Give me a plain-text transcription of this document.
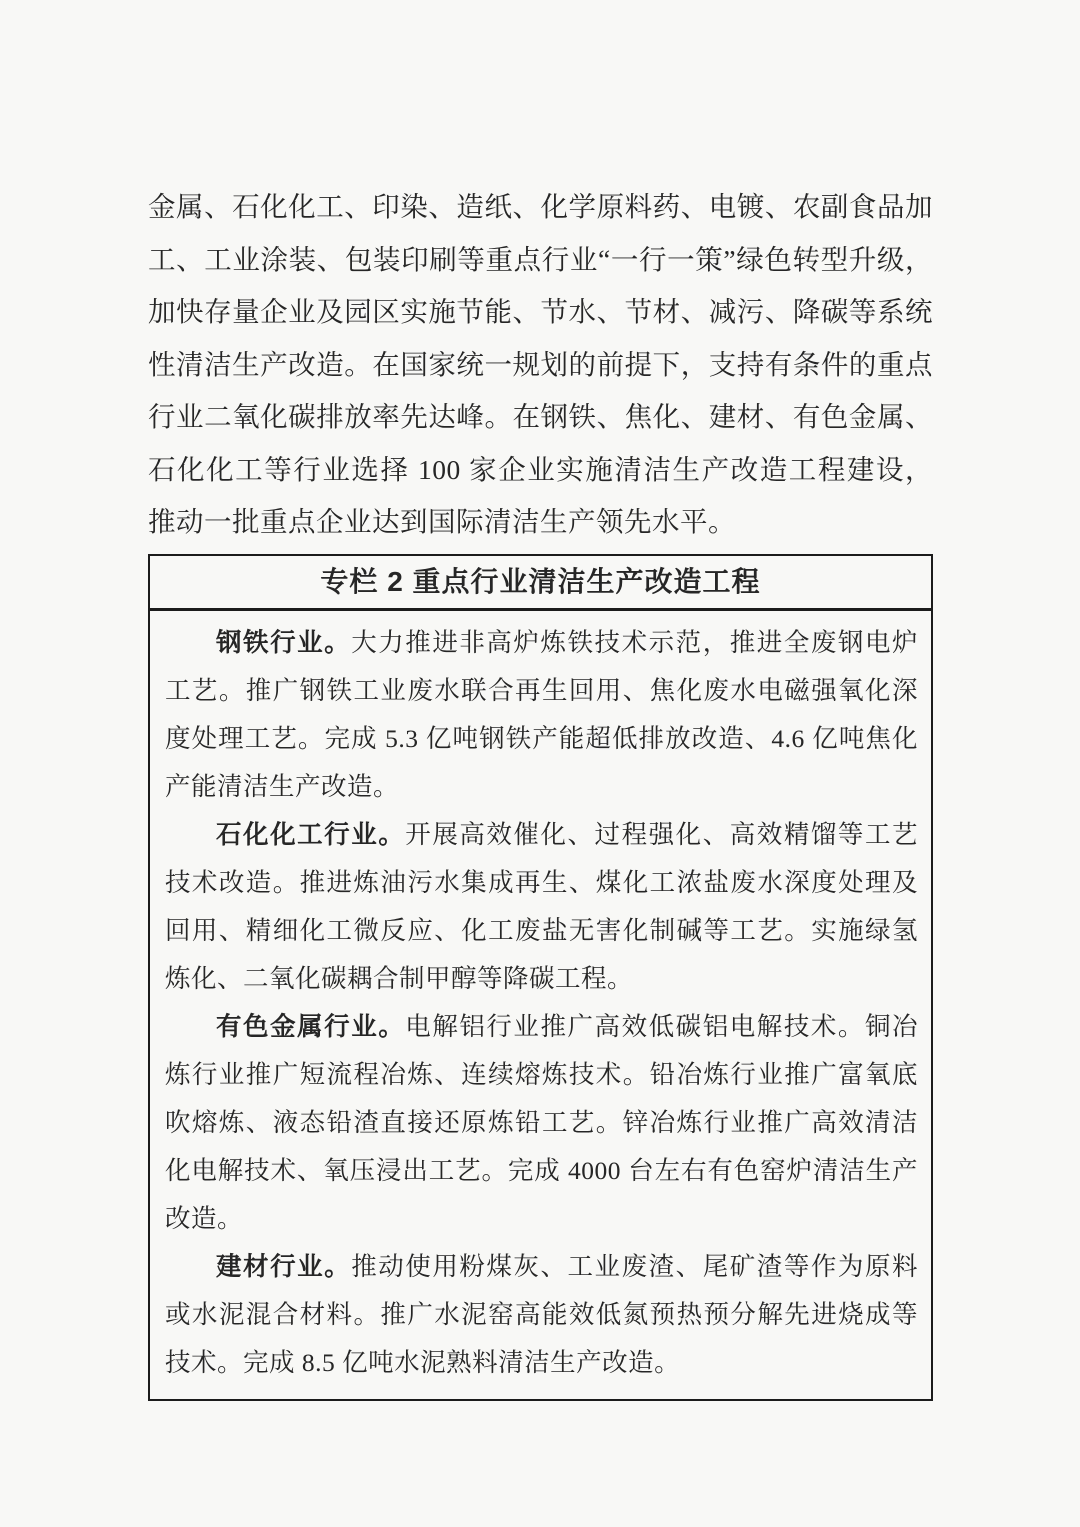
金属、石化化工、印染、造纸、化学原料药、电镀、农副食品加工、工业涂装、包装印刷等重点行业“一行一策”绿色转型升级，加快存量企业及园区实施节能、节水、节材、减污、降碳等系统性清洁生产改造。在国家统一规划的前提下，支持有条件的重点行业二氧化碳排放率先达峰。在钢铁、焦化、建材、有色金属、石化化工等行业选择 100 家企业实施清洁生产改造工程建设，推动一批重点企业达到国际清洁生产领先水平。
专栏 2 重点行业清洁生产改造工程

钢铁行业。大力推进非高炉炼铁技术示范，推进全废钢电炉工艺。推广钢铁工业废水联合再生回用、焦化废水电磁强氧化深度处理工艺。完成 5.3 亿吨钢铁产能超低排放改造、4.6 亿吨焦化产能清洁生产改造。

石化化工行业。开展高效催化、过程强化、高效精馏等工艺技术改造。推进炼油污水集成再生、煤化工浓盐废水深度处理及回用、精细化工微反应、化工废盐无害化制碱等工艺。实施绿氢炼化、二氧化碳耦合制甲醇等降碳工程。

有色金属行业。电解铝行业推广高效低碳铝电解技术。铜冶炼行业推广短流程冶炼、连续熔炼技术。铅冶炼行业推广富氧底吹熔炼、液态铅渣直接还原炼铅工艺。锌冶炼行业推广高效清洁化电解技术、氧压浸出工艺。完成 4000 台左右有色窑炉清洁生产改造。

建材行业。推动使用粉煤灰、工业废渣、尾矿渣等作为原料或水泥混合材料。推广水泥窑高能效低氮预热预分解先进烧成等技术。完成 8.5 亿吨水泥熟料清洁生产改造。
